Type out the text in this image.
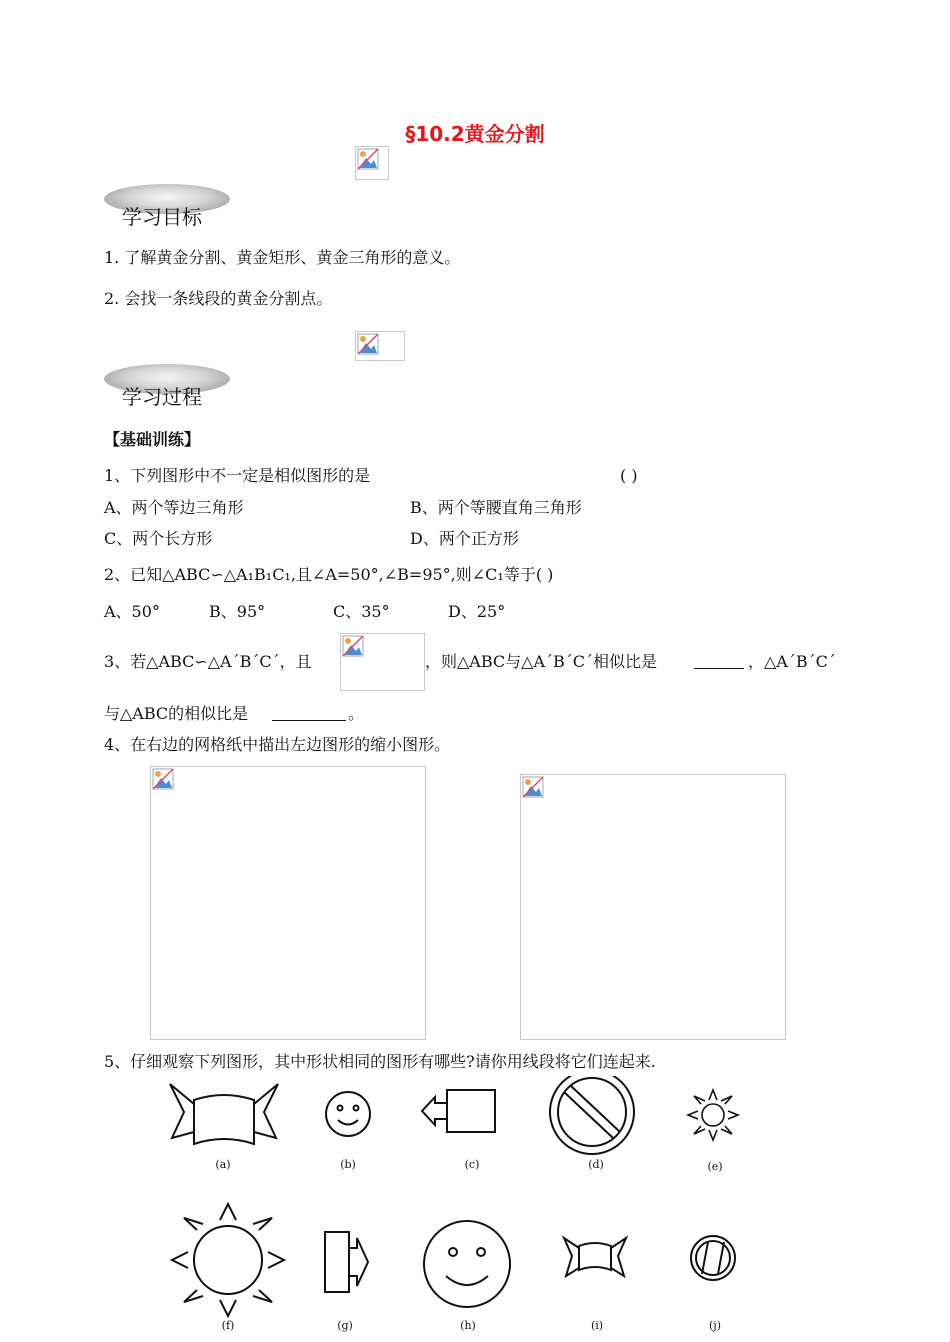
§10.2黄金分割
学习目标
1. 了解黄金分割、黄金矩形、黄金三角形的意义。
2. 会找一条线段的黄金分割点。
学习过程
【基础训练】
1、下列图形中不一定是相似图形的是	( )
A、两个等边三角形	B、两个等腰直角三角形
C、两个长方形	D、两个正方形
2、已知△ABC∽△A₁B₁C₁,且∠A=50°,∠B=95°,则∠C₁等于( )
A、50°	B、95°	C、35°	D、25°
3、若△ABC∽△A΄B΄C΄，且	，则△ABC与△A΄B΄C΄相似比是	，△A΄B΄C΄
与△ABC的相似比是	。
4、在右边的网格纸中描出左边图形的缩小图形。
5、仔细观察下列图形，其中形状相同的图形有哪些?请你用线段将它们连起来.
(a)	(b)	(c)	(d)	(e)
(f)	(g)	(h)	(i)	(j)
